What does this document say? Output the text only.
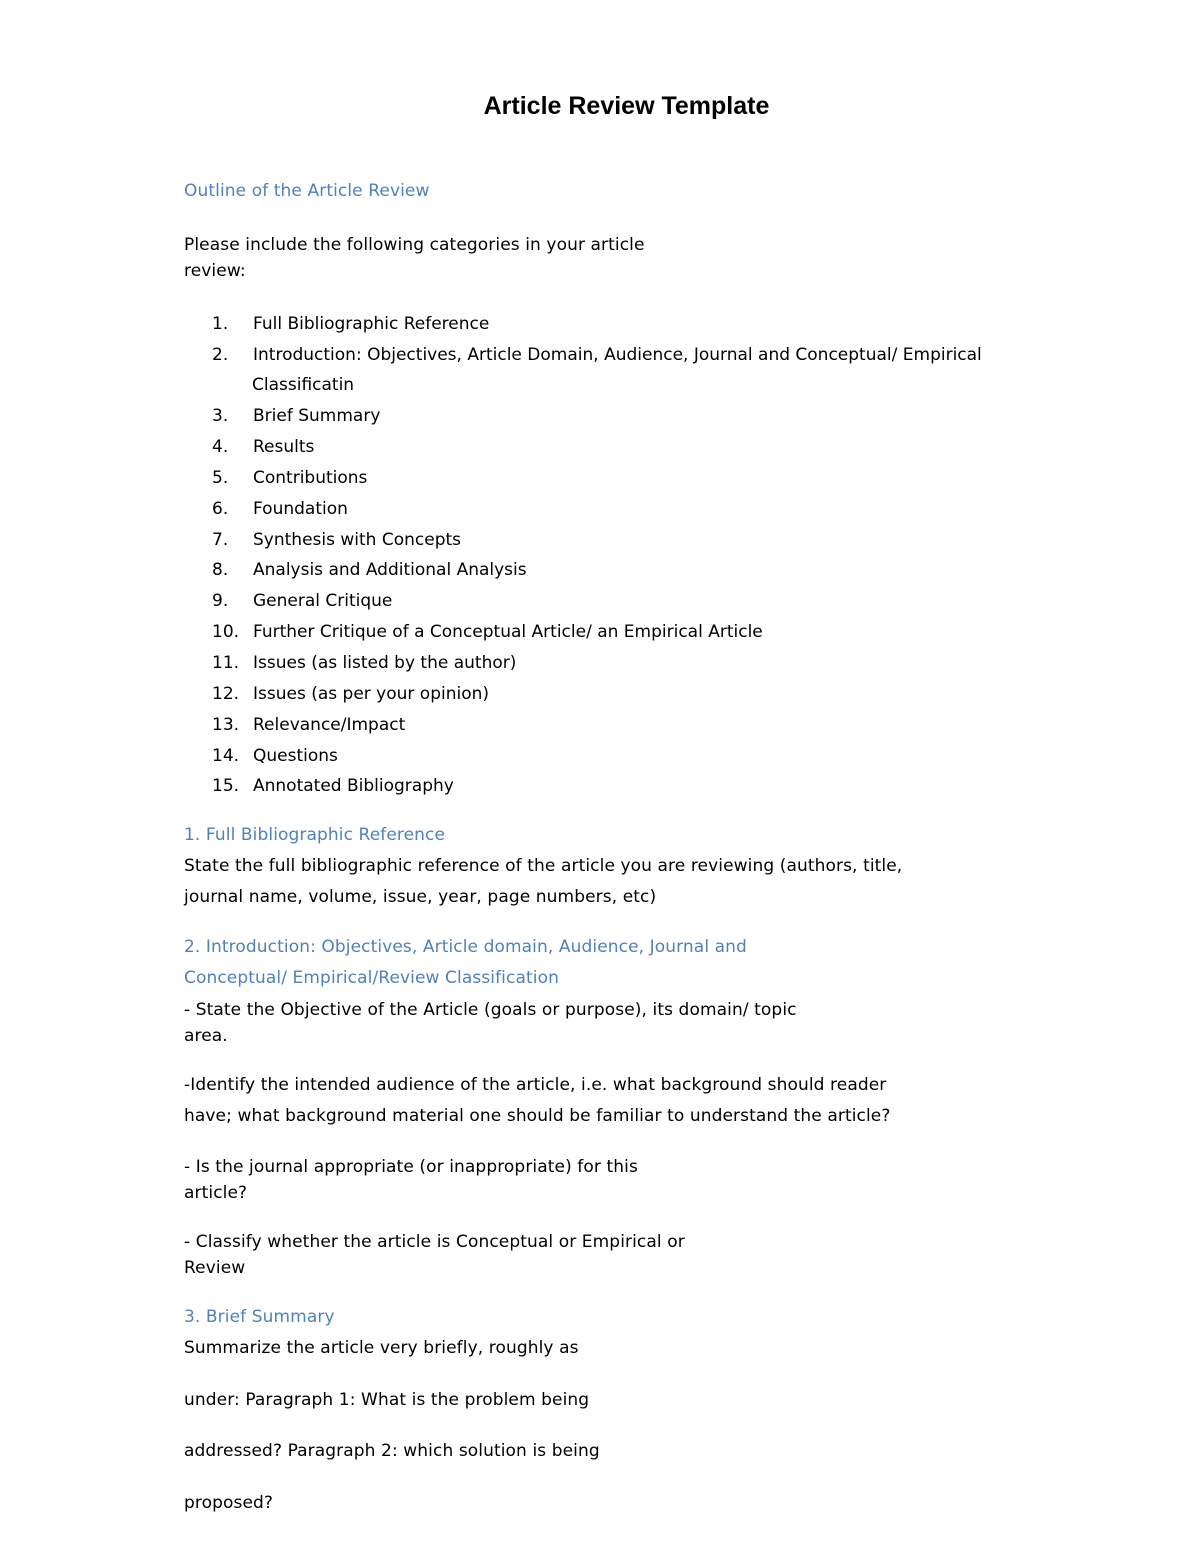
Article Review Template
Outline of the Article Review
Please include the following categories in your article
review:
1. Full Bibliographic Reference
2. Introduction: Objectives, Article Domain, Audience, Journal and Conceptual/ Empirical
Classificatin
3. Brief Summary
4. Results
5. Contributions
6. Foundation
7. Synthesis with Concepts
8. Analysis and Additional Analysis
9. General Critique
10. Further Critique of a Conceptual Article/ an Empirical Article
11. Issues (as listed by the author)
12. Issues (as per your opinion)
13. Relevance/Impact
14. Questions
15. Annotated Bibliography
1. Full Bibliographic Reference
State the full bibliographic reference of the article you are reviewing (authors, title,
journal name, volume, issue, year, page numbers, etc)
2. Introduction: Objectives, Article domain, Audience, Journal and
Conceptual/ Empirical/Review Classification
- State the Objective of the Article (goals or purpose), its domain/ topic
area.
-Identify the intended audience of the article, i.e. what background should reader
have; what background material one should be familiar to understand the article?
- Is the journal appropriate (or inappropriate) for this
article?
- Classify whether the article is Conceptual or Empirical or
Review
3. Brief Summary
Summarize the article very briefly, roughly as
under: Paragraph 1: What is the problem being
addressed? Paragraph 2: which solution is being
proposed?
